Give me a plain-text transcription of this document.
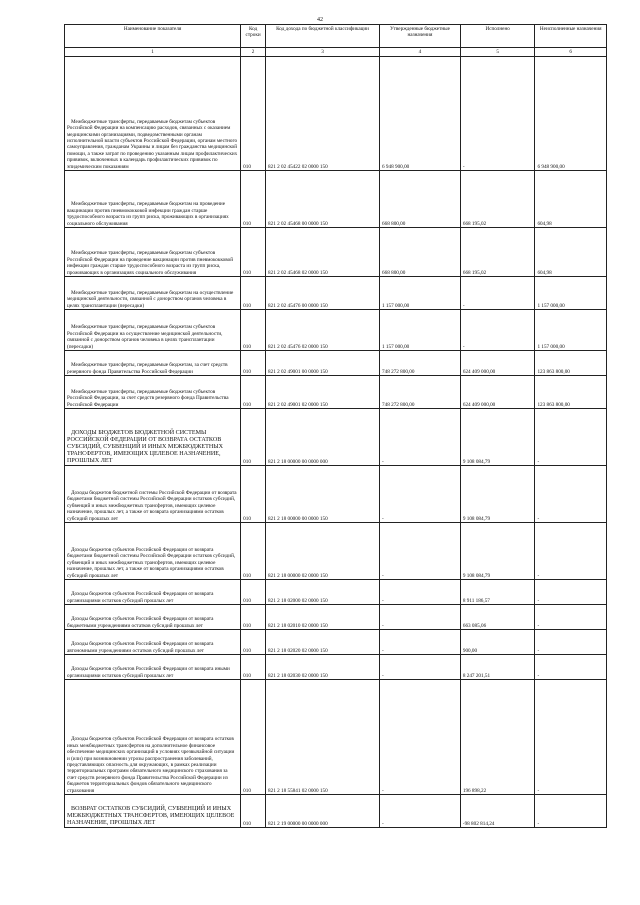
42
Наименование показателя	Код строки	Код дохода по бюджетной классификации	Утвержденные бюджетные назначения	Исполнено	Неисполненные назначения
1	2	3	4	5	6

Межбюджетные трансферты, передаваемые бюджетам субъектов Российской Федерации на компенсацию расходов, связанных с оказанием медицинскими организациями, подведомственными органам исполнительной власти субъектов Российской Федерации, органам местного самоуправления, гражданам Украины и лицам без гражданства медицинской помощи, а также затрат по проведению указанным лицам профилактических прививок, включенных в календарь профилактических прививок по эпидемическим показаниям	010	821 2 02 45422 02 0000 150	6 948 900,00	-	6 948 900,00

Межбюджетные трансферты, передаваемые бюджетам на проведение вакцинации против пневмококковой инфекции граждан старше трудоспособного возраста из групп риска, проживающих в организациях социального обслуживания	010	821 2 02 45468 00 0000 150	668 800,00	668 195,02	604,98

Межбюджетные трансферты, передаваемые бюджетам субъектов Российской Федерации на проведение вакцинации против пневмококковой инфекции граждан старше трудоспособного возраста из групп риска, проживающих в организациях социального обслуживания	010	821 2 02 45468 02 0000 150	668 800,00	668 195,02	604,98

Межбюджетные трансферты, передаваемые бюджетам на осуществление медицинской деятельности, связанной с донорством органов человека в целях трансплантации (пересадки)	010	821 2 02 45476 00 0000 150	1 157 000,00	-	1 157 000,00

Межбюджетные трансферты, передаваемые бюджетам субъектов Российской Федерации на осуществление медицинской деятельности, связанной с донорством органов человека в целях трансплантации (пересадки)	010	821 2 02 45476 02 0000 150	1 157 000,00	-	1 157 000,00

Межбюджетные трансферты, передаваемые бюджетам, за счет средств резервного фонда Правительства Российской Федерации	010	821 2 02 49001 00 0000 150	748 272 800,00	624 409 000,00	123 863 800,00

Межбюджетные трансферты, передаваемые бюджетам субъектов Российской Федерации, за счет средств резервного фонда Правительства Российской Федерации	010	821 2 02 49001 02 0000 150	748 272 800,00	624 409 000,00	123 863 800,00

ДОХОДЫ БЮДЖЕТОВ БЮДЖЕТНОЙ СИСТЕМЫ РОССИЙСКОЙ ФЕДЕРАЦИИ ОТ ВОЗВРАТА ОСТАТКОВ СУБСИДИЙ, СУБВЕНЦИЙ И ИНЫХ МЕЖБЮДЖЕТНЫХ ТРАНСФЕРТОВ, ИМЕЮЩИХ ЦЕЛЕВОЕ НАЗНАЧЕНИЕ, ПРОШЛЫХ ЛЕТ	010	821 2 18 00000 00 0000 000	-	9 108 084,79	-

Доходы бюджетов бюджетной системы Российской Федерации от возврата бюджетами бюджетной системы Российской Федерации остатков субсидий, субвенций и иных межбюджетных трансфертов, имеющих целевое назначение, прошлых лет, а также от возврата организациями остатков субсидий прошлых лет	010	821 2 18 00000 00 0000 150	-	9 108 084,79	-

Доходы бюджетов субъектов Российской Федерации от возврата бюджетами бюджетной системы Российской Федерации остатков субсидий, субвенций и иных межбюджетных трансфертов, имеющих целевое назначение, прошлых лет, а также от возврата организациями остатков субсидий прошлых лет	010	821 2 18 00000 02 0000 150	-	9 108 084,79	-

Доходы бюджетов субъектов Российской Федерации от возврата организациями остатков субсидий прошлых лет	010	821 2 18 02000 02 0000 150	-	8 911 186,57	-

Доходы бюджетов субъектов Российской Федерации от возврата бюджетными учреждениями остатков субсидий прошлых лет	010	821 2 18 02010 02 0000 150	-	663 085,06	-

Доходы бюджетов субъектов Российской Федерации от возврата автономными учреждениями остатков субсидий прошлых лет	010	821 2 18 02020 02 0000 150	-	900,00	-

Доходы бюджетов субъектов Российской Федерации от возврата иными организациями остатков субсидий прошлых лет	010	821 2 18 02030 02 0000 150	-	8 247 201,51	-

Доходы бюджетов субъектов Российской Федерации от возврата остатков иных межбюджетных трансфертов на дополнительное финансовое обеспечение медицинских организаций в условиях чрезвычайной ситуации и (или) при возникновении угрозы распространения заболеваний, представляющих опасность для окружающих, в рамках реализации территориальных программ обязательного медицинского страхования за счет средств резервного фонда Правительства Российской Федерации из бюджетов территориальных фондов обязательного медицинского страхования	010	821 2 18 55841 02 0000 150	-	196 898,22	-

ВОЗВРАТ ОСТАТКОВ СУБСИДИЙ, СУБВЕНЦИЙ И ИНЫХ МЕЖБЮДЖЕТНЫХ ТРАНСФЕРТОВ, ИМЕЮЩИХ ЦЕЛЕВОЕ НАЗНАЧЕНИЕ, ПРОШЛЫХ ЛЕТ	010	821 2 19 00000 00 0000 000	-	-98 802 814,24	-
